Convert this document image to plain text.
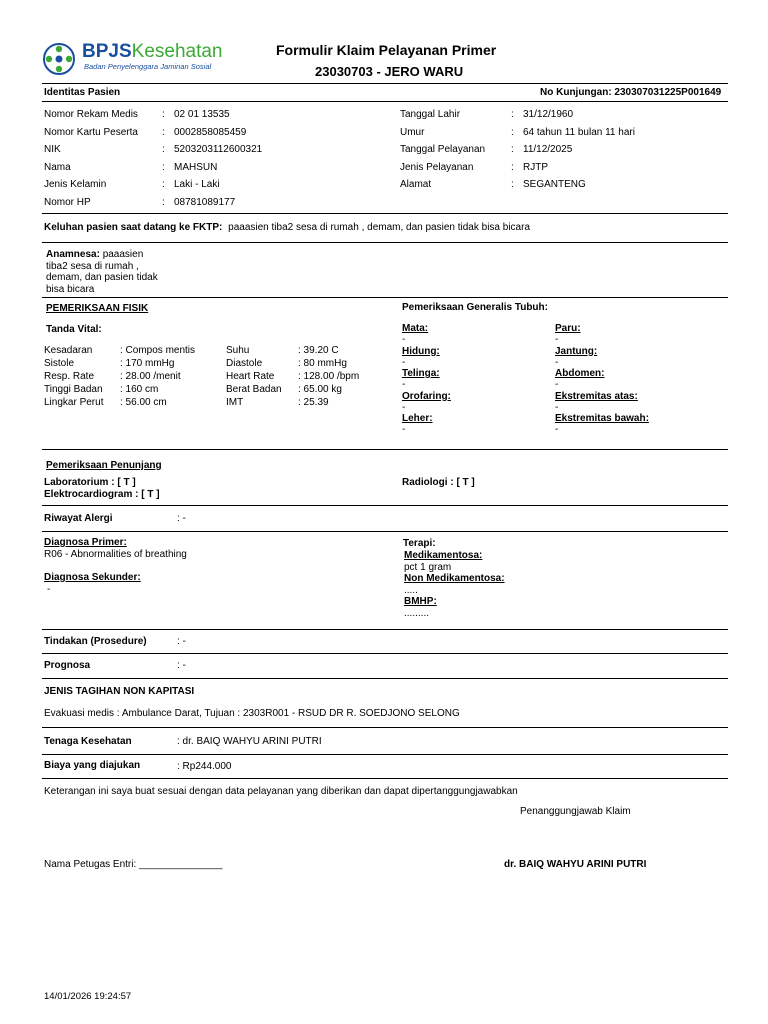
BPJSKesehatan
Badan Penyelenggara Jaminan Sosial
Formulir Klaim Pelayanan Primer
23030703 - JERO WARU
Identitas Pasien	No Kunjungan: 230307031225P001649
Nomor Rekam Medis : 02 01 13535
Nomor Kartu Peserta : 0002858085459
NIK	: 5203203112600321
Nama	: MAHSUN
Jenis Kelamin	: Laki - Laki
Nomor HP	: 08781089177
Tanggal Lahir	: 31/12/1960
Umur	: 64 tahun 11 bulan 11 hari
Tanggal Pelayanan	: 11/12/2025
Jenis Pelayanan	: RJTP
Alamat	: SEGANTENG
Keluhan pasien saat datang ke FKTP: paaasien tiba2 sesa di rumah , demam, dan pasien tidak bisa bicara
Anamnesa: paaasien
tiba2 sesa di rumah ,
demam, dan pasien tidak
bisa bicara
PEMERIKSAAN FISIK
Tanda Vital:
Kesadaran	: Compos mentis
Sistole	: 170 mmHg
Resp. Rate	: 28.00 /menit
Tinggi Badan : 160 cm
Lingkar Perut : 56.00 cm
Suhu	: 39.20 C
Diastole	: 80 mmHg
Heart Rate : 128.00 /bpm
Berat Badan : 65.00 kg
IMT	: 25.39
Pemeriksaan Generalis Tubuh:
Mata:
-
Hidung:
-
Telinga:
-
Orofaring:
-
Leher:
-
Paru:
-
Jantung:
-
Abdomen:
-
Ekstremitas atas:
-
Ekstremitas bawah:
-
Pemeriksaan Penunjang
Laboratorium : [ T ]
Elektrocardiogram : [ T ]
Radiologi : [ T ]
Riwayat Alergi	: -
Diagnosa Primer:
R06 - Abnormalities of breathing
Diagnosa Sekunder:
-
Terapi:
Medikamentosa:
pct 1 gram
Non Medikamentosa:
.....
BMHP:
.........
Tindakan (Prosedure)	: -
Prognosa	: -
JENIS TAGIHAN NON KAPITASI
Evakuasi medis : Ambulance Darat, Tujuan : 2303R001 - RSUD DR R. SOEDJONO SELONG
Tenaga Kesehatan	: dr. BAIQ WAHYU ARINI PUTRI
Biaya yang diajukan	: Rp244.000
Keterangan ini saya buat sesuai dengan data pelayanan yang diberikan dan dapat dipertanggungjawabkan
Penanggungjawab Klaim
Nama Petugas Entri: _______________	dr. BAIQ WAHYU ARINI PUTRI
14/01/2026 19:24:57
